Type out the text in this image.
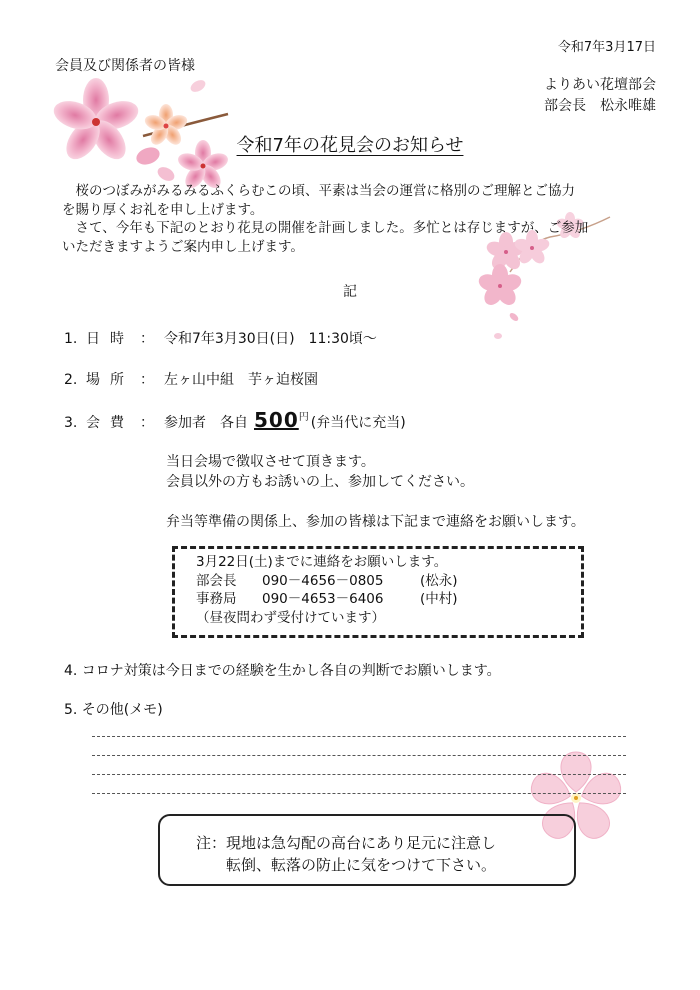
令和7年3月17日
会員及び関係者の皆様
よりあい花壇部会
部会長　松永唯雄
令和7年の花見会のお知らせ

　桜のつぼみがみるみるふくらむこの頃、平素は当会の運営に格別のご理解とご協力

を賜り厚くお礼を申し上げます。

　さて、今年も下記のとおり花見の開催を計画しました。多忙とは存じますが、ご参加

いただきますようご案内申し上げます。

記
1. 日時 ： 令和7年3月30日(日)　11:30頃～
2. 場所 ： 左ヶ山中組　芋ヶ迫桜園
3. 会費 ： 参加者　各自 $500^円$ (弁当代に充当)
当日会場で徴収させて頂きます。
会員以外の方もお誘いの上、参加してください。
弁当等準備の関係上、参加の皆様は下記まで連絡をお願いします。
3月22日(土)までに連絡をお願いします。
部会長 090－4656－0805	(松永)
事務局 090－4653－6406	(中村)
（昼夜問わず受付けています）
4. コロナ対策は今日までの経験を生かし各自の判断でお願いします。
5. その他(メモ)
注：現地は急勾配の高台にあり足元に注意し
転倒、転落の防止に気をつけて下さい。
